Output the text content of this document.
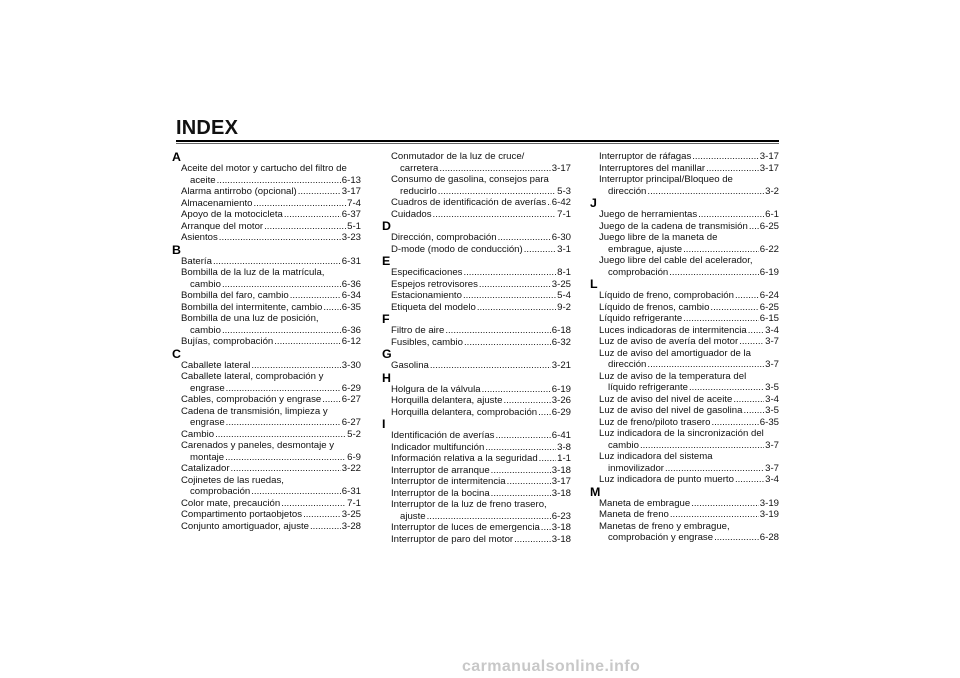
INDEX
A
Aceite del motor y cartucho del filtro de
aceite .....	6-13
Alarma antirrobo (opcional) .....	3-17
Almacenamiento .....	7-4
Apoyo de la motocicleta .....	6-37
Arranque del motor .....	5-1
Asientos .....	3-23
B
Batería .....	6-31
Bombilla de la luz de la matrícula,
cambio .....	6-36
Bombilla del faro, cambio .....	6-34
Bombilla del intermitente, cambio ..... 6-35
Bombilla de una luz de posición,
cambio .....	6-36
Bujías, comprobación .....	6-12
C
Caballete lateral .....	3-30
Caballete lateral, comprobación y
engrase .....	6-29
Cables, comprobación y engrase ..... 6-27
Cadena de transmisión, limpieza y
engrase .....	6-27
Cambio .....	5-2
Carenados y paneles, desmontaje y
montaje .....	6-9
Catalizador .....	3-22
Cojinetes de las ruedas,
comprobación .....	6-31
Color mate, precaución .....	7-1
Compartimento portaobjetos .....	3-25
Conjunto amortiguador, ajuste .....	3-28
Conmutador de la luz de cruce/
carretera .....	3-17
Consumo de gasolina, consejos para
reducirlo .....	5-3
Cuadros de identificación de averías ..... 6-42
Cuidados .....	7-1
D
Dirección, comprobación .....	6-30
D-mode (modo de conducción) .....	3-1
E
Especificaciones .....	8-1
Espejos retrovisores .....	3-25
Estacionamiento .....	5-4
Etiqueta del modelo .....	9-2
F
Filtro de aire .....	6-18
Fusibles, cambio .....	6-32
G
Gasolina .....	3-21
H
Holgura de la válvula .....	6-19
Horquilla delantera, ajuste .....	3-26
Horquilla delantera, comprobación ..... 6-29
I
Identificación de averías .....	6-41
Indicador multifunción .....	3-8
Información relativa a la seguridad ..... 1-1
Interruptor de arranque .....	3-18
Interruptor de intermitencia .....	3-17
Interruptor de la bocina .....	3-18
Interruptor de la luz de freno trasero,
ajuste .....	6-23
Interruptor de luces de emergencia ..... 3-18
Interruptor de paro del motor .....	3-18
Interruptor de ráfagas .....	3-17
Interruptores del manillar .....	3-17
Interruptor principal/Bloqueo de
dirección .....	3-2
J
Juego de herramientas .....	6-1
Juego de la cadena de transmisión ..... 6-25
Juego libre de la maneta de
embrague, ajuste .....	6-22
Juego libre del cable del acelerador,
comprobación .....	6-19
L
Líquido de freno, comprobación .....	6-24
Líquido de frenos, cambio .....	6-25
Líquido refrigerante .....	6-15
Luces indicadoras de intermitencia ..... 3-4
Luz de aviso de avería del motor .....	3-7
Luz de aviso del amortiguador de la
dirección .....	3-7
Luz de aviso de la temperatura del
líquido refrigerante .....	3-5
Luz de aviso del nivel de aceite .....	3-4
Luz de aviso del nivel de gasolina ..... 3-5
Luz de freno/piloto trasero .....	6-35
Luz indicadora de la sincronización del
cambio .....	3-7
Luz indicadora del sistema
inmovilizador .....	3-7
Luz indicadora de punto muerto .....	3-4
M
Maneta de embrague .....	3-19
Maneta de freno .....	3-19
Manetas de freno y embrague,
comprobación y engrase .....	6-28
carmanualsonline.info
